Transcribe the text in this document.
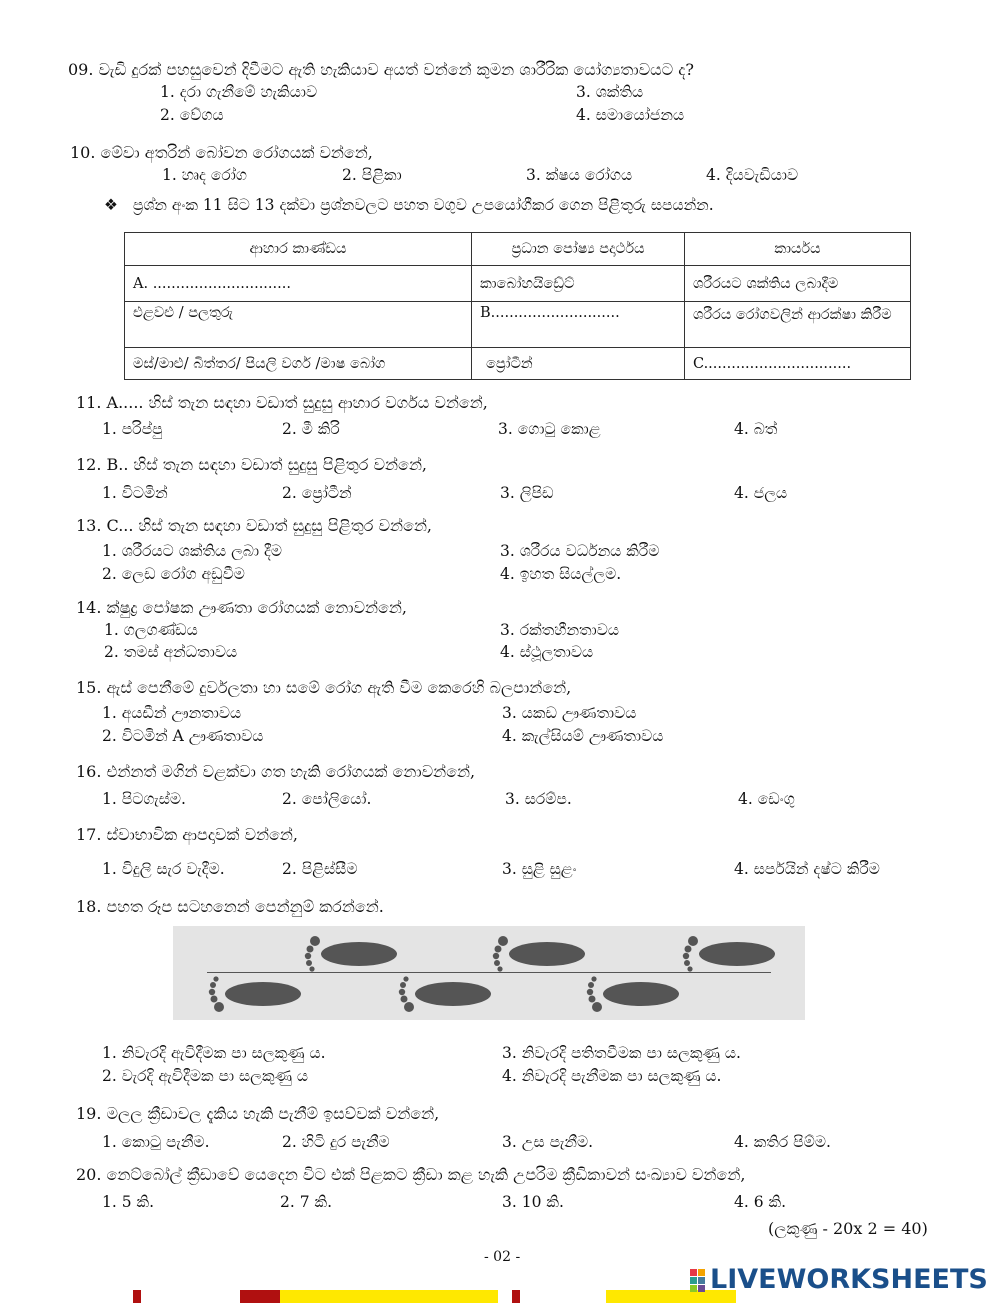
09. වැඩි දුරක් පහසුවෙන් දිවීමට ඇති හැකියාව අයත් වන්නේ කුමන ශාරීරික යෝග්‍යතාවයට ද?
1. දරා ගැනීමේ හැකියාව
2. වේගය
3. ශක්තිය
4. සමායෝජනය
10. මේවා අතරින් බෝවන රෝගයක් වන්නේ,
1. හෘද රෝග	2. පිළිකා	3. ක්ෂය රෝගය	4. දියවැඩියාව
❖ ප්‍රශ්න අංක 11 සිට 13 දක්වා ප්‍රශ්නවලට පහත වගුව උපයෝගීකර ගෙන පිළිතුරු සපයන්න.
ආහාර කාණ්ඩය	ප්‍රධාන පෝෂ්‍ය පදාර්ථය	කාර්යය
A. ..............................	කාබෝහයිඩ්‍රේට්	ශරීරයට ශක්තිය ලබාදීම
එළවළු / පලතුරු	B............................	ශරීරය රෝගවලින් ආරක්ෂා කිරීම
මස්/මාළු/ බිත්තර/ පියලි වර්ග /මාෂ බෝග	ප්‍රෝටීන්	C................................
11. A..... හිස් තැන සඳහා වඩාත් සුදුසු ආහාර වර්ගය වන්නේ,
1. පරිප්පු	2. මී කිරි	3. ගොටු කොළ	4. බත්
12. B.. හිස් තැන සඳහා වඩාත් සුදුසු පිළිතුර වන්නේ,
1. විටමින්	2. ප්‍රෝටීන්	3. ලිපිඩ	4. ජලය
13. C... හිස් තැන සඳහා වඩාත් සුදුසු පිළිතුර වන්නේ,
1. ශරීරයට ශක්තිය ලබා දීම
2. ලෙඩ රෝග අඩුවීම
3. ශරීරය වර්ධනය කිරීම
4. ඉහත සියල්ලම.
14. ක්ෂුද්‍ර පෝෂක ඌණතා රෝගයක් නොවන්නේ,
1. ගලගණ්ඩය
2. තමස් අන්ධතාවය
3. රක්තහීනතාවය
4. ස්ථූලතාවය
15. ඇස් පෙනීමේ දුර්වලතා හා සමේ රෝග ඇති වීම කෙරෙහි බලපාන්නේ,
1. අයඩීන් ඌනතාවය
2. විටමින් A ඌණතාවය
3. යකඩ ඌණතාවය
4. කැල්සියම් ඌණතාවය
16. එන්නත් මගින් වළක්වා ගත හැකි රෝගයක් නොවන්නේ,
1. පිටගැස්ම.	2. පෝලියෝ.	3. සරම්ප.	4. ඩෙංගු
17. ස්වාභාවික ආපදාවක් වන්නේ,
1. විදුලි සැර වැදීම.	2. පිළිස්සීම	3. සුළි සුළං	4. සර්පයින් දෂ්ට කිරීම
18. පහත රූප සටහනෙන් පෙන්නුම් කරන්නේ.
1. නිවැරදි ඇවිදීමක පා සලකුණු ය.
2. වැරදි ඇවිදීමක පා සලකුණු ය
3. නිවැරදි පතිතවීමක පා සලකුණු ය.
4. නිවැරදි පැනීමක පා සලකුණු ය.
19. මලල ක්‍රීඩාවල දැකිය හැකි පැනීම් ඉසව්වක් වන්නේ,
1. කොටු පැනීම.	2. හිටි දුර පැනීම	3. උස පැනීම.	4. කතිර පිම්ම.
20. නෙට්බෝල් ක්‍රීඩාවේ යෙදෙන විට එක් පිළකට ක්‍රීඩා කළ හැකි උපරිම ක්‍රීඩිකාවන් සංඛ්‍යාව වන්නේ,
1. 5 කි.	2. 7 කි.	3. 10 කි.	4. 6 කි.
(ලකුණු - 20x 2 = 40)
- 02 -
LIVEWORKSHEETS
